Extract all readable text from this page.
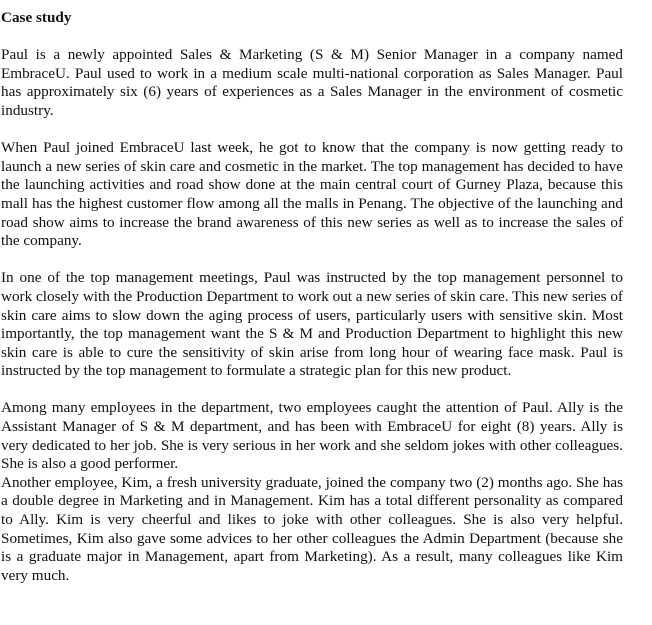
Case study

Paul is a newly appointed Sales & Marketing (S & M) Senior Manager in a company named EmbraceU. Paul used to work in a medium scale multi-national corporation as Sales Manager. Paul has approximately six (6) years of experiences as a Sales Manager in the environment of cosmetic industry.

When Paul joined EmbraceU last week, he got to know that the company is now getting ready to launch a new series of skin care and cosmetic in the market. The top management has decided to have the launching activities and road show done at the main central court of Gurney Plaza, because this mall has the highest customer flow among all the malls in Penang. The objective of the launching and road show aims to increase the brand awareness of this new series as well as to increase the sales of the company.

In one of the top management meetings, Paul was instructed by the top management personnel to work closely with the Production Department to work out a new series of skin care. This new series of skin care aims to slow down the aging process of users, particularly users with sensitive skin. Most importantly, the top management want the S & M and Production Department to highlight this new skin care is able to cure the sensitivity of skin arise from long hour of wearing face mask. Paul is instructed by the top management to formulate a strategic plan for this new product.

Among many employees in the department, two employees caught the attention of Paul. Ally is the Assistant Manager of S & M department, and has been with EmbraceU for eight (8) years. Ally is very dedicated to her job. She is very serious in her work and she seldom jokes with other colleagues. She is also a good performer.

Another employee, Kim, a fresh university graduate, joined the company two (2) months ago. She has a double degree in Marketing and in Management. Kim has a total different personality as compared to Ally. Kim is very cheerful and likes to joke with other colleagues. She is also very helpful. Sometimes, Kim also gave some advices to her other colleagues the Admin Department (because she is a graduate major in Management, apart from Marketing). As a result, many colleagues like Kim very much.
